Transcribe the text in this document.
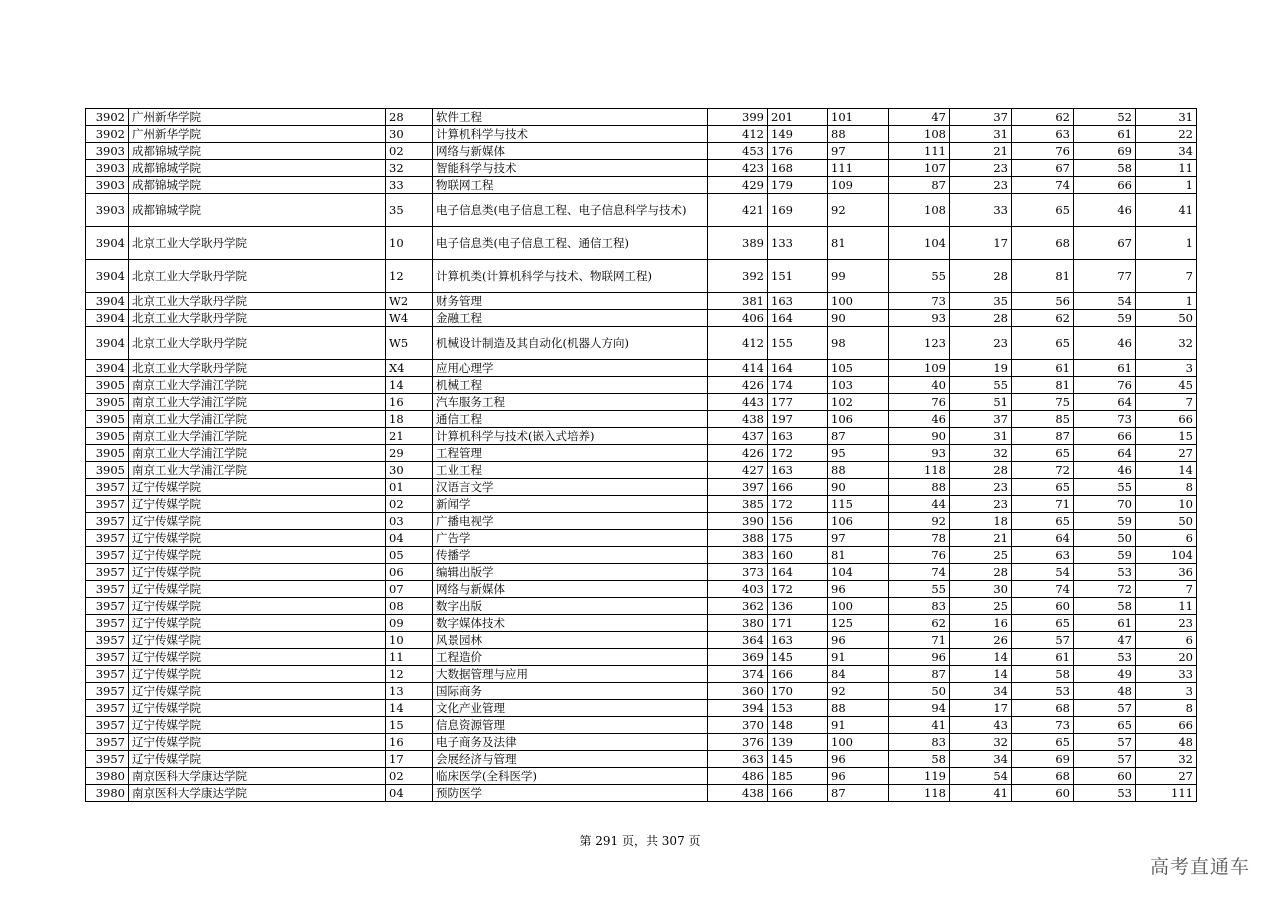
3902	广州新华学院	28	软件工程	399	201	101	47	37	62	52	31
3902	广州新华学院	30	计算机科学与技术	412	149	88	108	31	63	61	22
3903	成都锦城学院	02	网络与新媒体	453	176	97	111	21	76	69	34
3903	成都锦城学院	32	智能科学与技术	423	168	111	107	23	67	58	11
3903	成都锦城学院	33	物联网工程	429	179	109	87	23	74	66	1
3903	成都锦城学院	35	电子信息类(电子信息工程、电子信息科学与技术)	421	169	92	108	33	65	46	41
3904	北京工业大学耿丹学院	10	电子信息类(电子信息工程、通信工程)	389	133	81	104	17	68	67	1
3904	北京工业大学耿丹学院	12	计算机类(计算机科学与技术、物联网工程)	392	151	99	55	28	81	77	7
3904	北京工业大学耿丹学院	W2	财务管理	381	163	100	73	35	56	54	1
3904	北京工业大学耿丹学院	W4	金融工程	406	164	90	93	28	62	59	50
3904	北京工业大学耿丹学院	W5	机械设计制造及其自动化(机器人方向)	412	155	98	123	23	65	46	32
3904	北京工业大学耿丹学院	X4	应用心理学	414	164	105	109	19	61	61	3
3905	南京工业大学浦江学院	14	机械工程	426	174	103	40	55	81	76	45
3905	南京工业大学浦江学院	16	汽车服务工程	443	177	102	76	51	75	64	7
3905	南京工业大学浦江学院	18	通信工程	438	197	106	46	37	85	73	66
3905	南京工业大学浦江学院	21	计算机科学与技术(嵌入式培养)	437	163	87	90	31	87	66	15
3905	南京工业大学浦江学院	29	工程管理	426	172	95	93	32	65	64	27
3905	南京工业大学浦江学院	30	工业工程	427	163	88	118	28	72	46	14
3957	辽宁传媒学院	01	汉语言文学	397	166	90	88	23	65	55	8
3957	辽宁传媒学院	02	新闻学	385	172	115	44	23	71	70	10
3957	辽宁传媒学院	03	广播电视学	390	156	106	92	18	65	59	50
3957	辽宁传媒学院	04	广告学	388	175	97	78	21	64	50	6
3957	辽宁传媒学院	05	传播学	383	160	81	76	25	63	59	104
3957	辽宁传媒学院	06	编辑出版学	373	164	104	74	28	54	53	36
3957	辽宁传媒学院	07	网络与新媒体	403	172	96	55	30	74	72	7
3957	辽宁传媒学院	08	数字出版	362	136	100	83	25	60	58	11
3957	辽宁传媒学院	09	数字媒体技术	380	171	125	62	16	65	61	23
3957	辽宁传媒学院	10	风景园林	364	163	96	71	26	57	47	6
3957	辽宁传媒学院	11	工程造价	369	145	91	96	14	61	53	20
3957	辽宁传媒学院	12	大数据管理与应用	374	166	84	87	14	58	49	33
3957	辽宁传媒学院	13	国际商务	360	170	92	50	34	53	48	3
3957	辽宁传媒学院	14	文化产业管理	394	153	88	94	17	68	57	8
3957	辽宁传媒学院	15	信息资源管理	370	148	91	41	43	73	65	66
3957	辽宁传媒学院	16	电子商务及法律	376	139	100	83	32	65	57	48
3957	辽宁传媒学院	17	会展经济与管理	363	145	96	58	34	69	57	32
3980	南京医科大学康达学院	02	临床医学(全科医学)	486	185	96	119	54	68	60	27
3980	南京医科大学康达学院	04	预防医学	438	166	87	118	41	60	53	111
第 291 页，共 307 页
高考直通车
